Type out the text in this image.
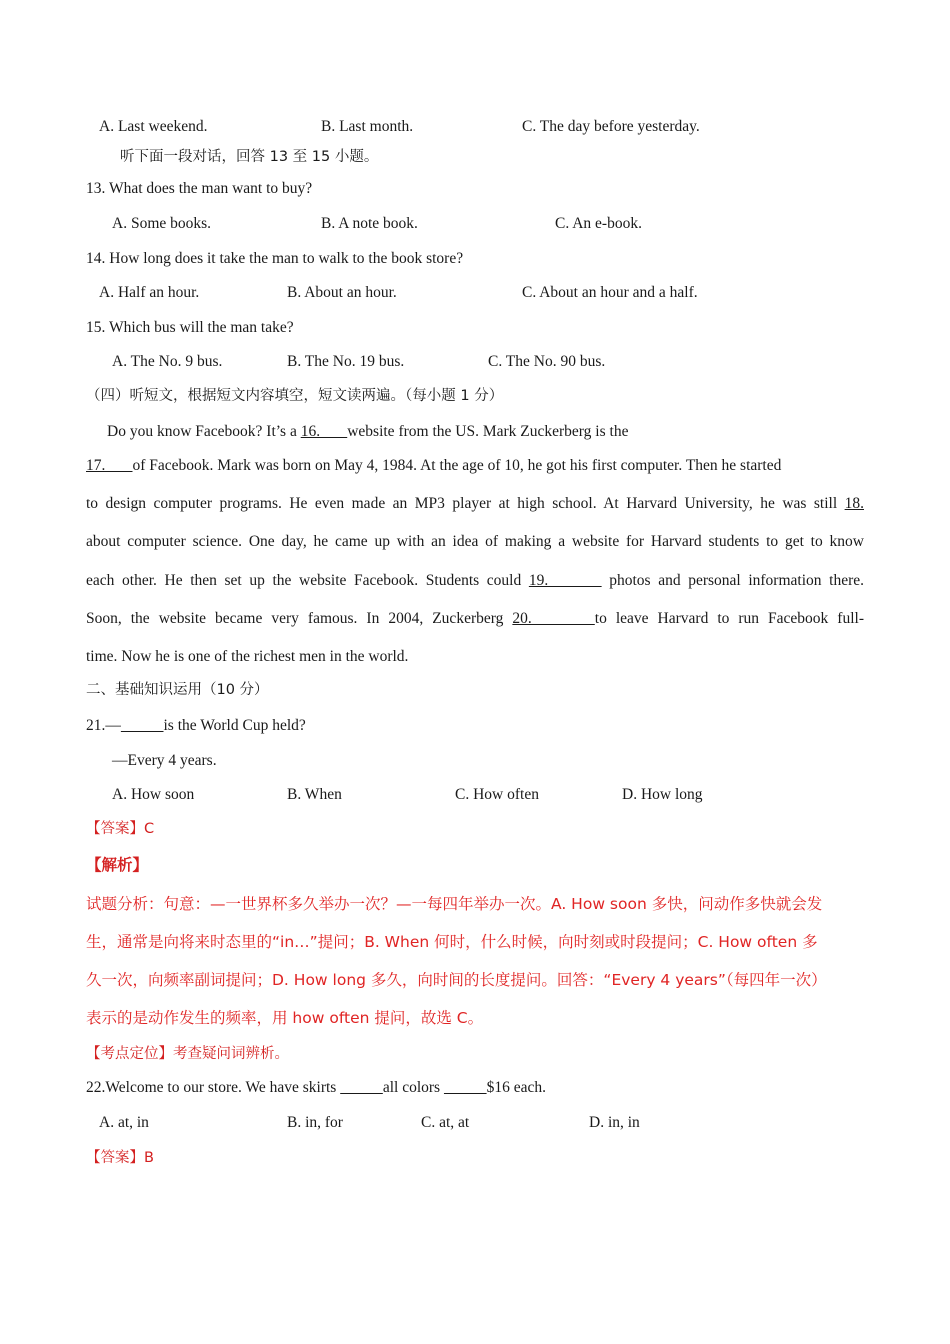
A. Last weekend.	B. Last month.	C. The day before yesterday.
听下面一段对话，回答 13 至 15 小题。
13. What does the man want to buy?
A. Some books.	B. A note book.	C. An e-book.
14. How long does it take the man to walk to the book store?
A. Half an hour.	B. About an hour.	C. About an hour and a half.
15. Which bus will the man take?
A. The No. 9 bus.	B. The No. 19 bus.	C. The No. 90 bus.
（四）听短文，根据短文内容填空，短文读两遍。（每小题 1 分）
Do you know Facebook? It’s a 16.       website from the US. Mark Zuckerberg is the
17.       of Facebook. Mark was born on May 4, 1984. At the age of 10, he got his first computer. Then he started
to design computer programs. He even made an MP3 player at high school. At Harvard University, he was still 18.
about computer science. One day, he came up with an idea of making a website for Harvard students to get to know
each other. He then set up the website Facebook. Students could 19.        photos and personal information there.
Soon, the website became very famous. In 2004, Zuckerberg 20.       to leave Harvard to run Facebook full-
time. Now he is one of the richest men in the world.
二、基础知识运用（10 分）
21.—	is the World Cup held?
—Every 4 years.
A. How soon	B. When	C. How often	D. How long
【答案】C
【解析】
试题分析：句意：—一世界杯多久举办一次？—一每四年举办一次。A. How soon 多快，问动作多快就会发
生，通常是向将来时态里的“in…”提问；B. When 何时，什么时候，向时刻或时段提问；C. How often 多
久一次，向频率副词提问；D. How long 多久，向时间的长度提问。回答：“Every 4 years”（每四年一次）
表示的是动作发生的频率，用 how often 提问，故选 C。
【考点定位】考查疑问词辨析。
22.Welcome to our store. We have skirts	all colors	$16 each.
A. at, in	B. in, for	C. at, at	D. in, in
【答案】B
